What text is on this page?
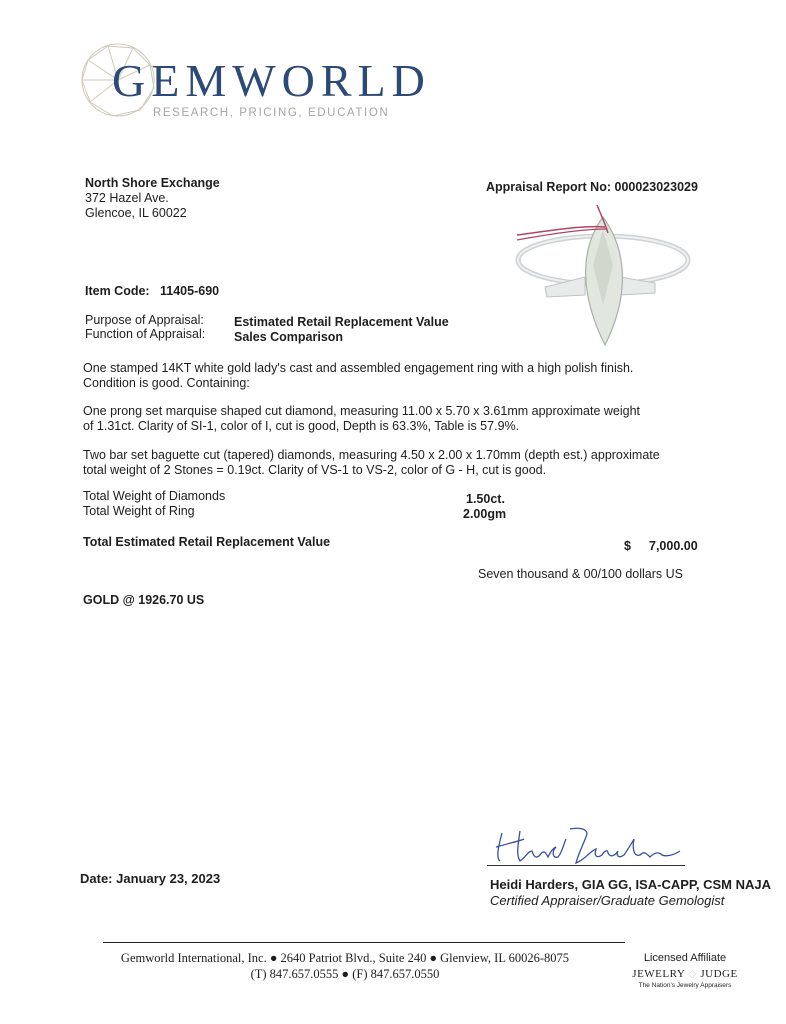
GEMWORLD
RESEARCH, PRICING, EDUCATION
North Shore Exchange
372 Hazel Ave.
Glencoe, IL 60022
Appraisal Report No: 000023023029
Item Code: 11405-690
Purpose of Appraisal: Estimated Retail Replacement Value
Function of Appraisal: Sales Comparison
One stamped 14KT white gold lady's cast and assembled engagement ring with a high polish finish.
Condition is good. Containing:
One prong set marquise shaped cut diamond, measuring 11.00 x 5.70 x 3.61mm approximate weight
of 1.31ct. Clarity of SI-1, color of I, cut is good, Depth is 63.3%, Table is 57.9%.
Two bar set baguette cut (tapered) diamonds, measuring 4.50 x 2.00 x 1.70mm (depth est.) approximate
total weight of 2 Stones = 0.19ct. Clarity of VS-1 to VS-2, color of G - H, cut is good.
Total Weight of Diamonds	1.50ct.
Total Weight of Ring	2.00gm
Total Estimated Retail Replacement Value	$ 7,000.00
Seven thousand & 00/100 dollars US
GOLD @ 1926.70 US
Date: January 23, 2023	Heidi Harders, GIA GG, ISA-CAPP, CSM NAJA
Certified Appraiser/Graduate Gemologist
Gemworld International, Inc. ● 2640 Patriot Blvd., Suite 240 ● Glenview, IL 60026-8075
(T) 847.657.0555 ● (F) 847.657.0550
Licensed Affiliate
JEWELRY ◇ JUDGE
The Nation's Jewelry Appraisers
